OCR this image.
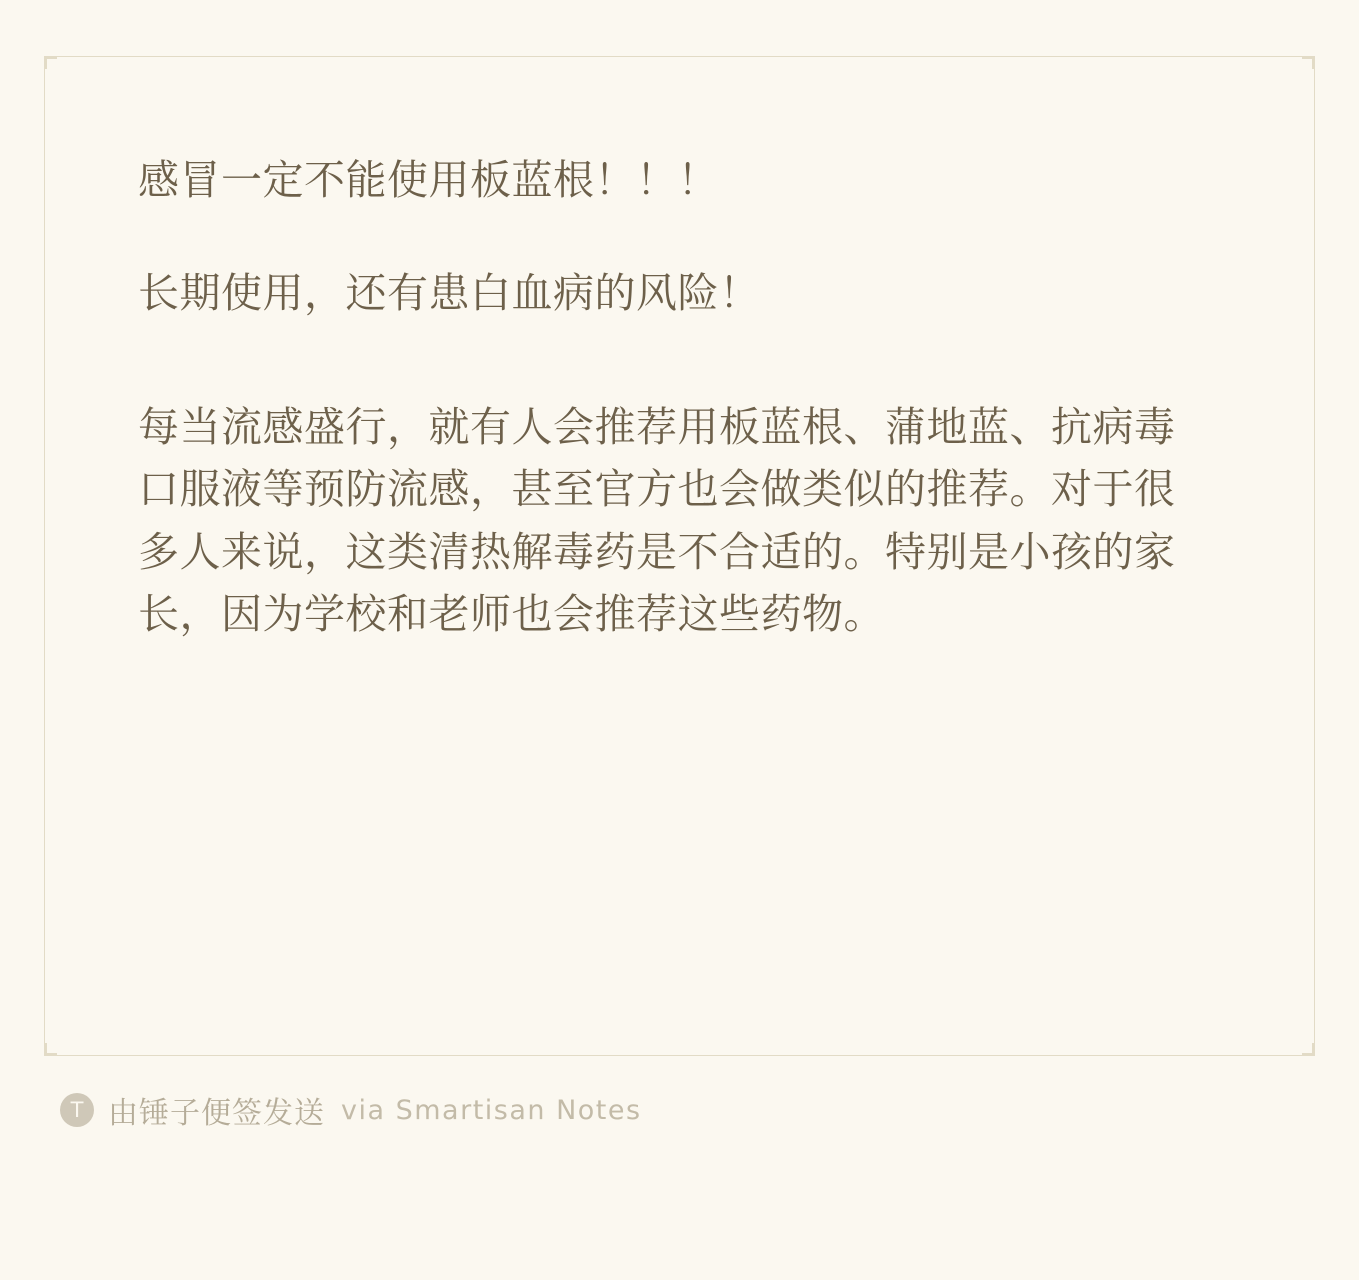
感冒一定不能使用板蓝根！！！

长期使用，还有患白血病的风险！

每当流感盛行，就有人会推荐用板蓝根、蒲地蓝、抗病毒口服液等预防流感，甚至官方也会做类似的推荐。对于很多人来说，这类清热解毒药是不合适的。特别是小孩的家长，因为学校和老师也会推荐这些药物。

T 由锤子便签发送 via Smartisan Notes
